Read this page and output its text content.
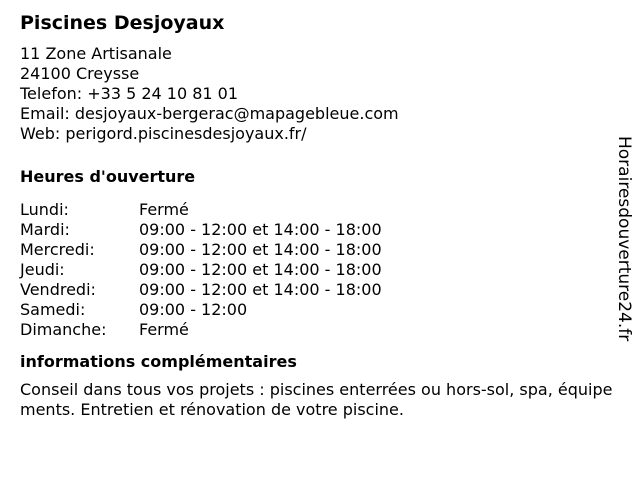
Piscines Desjoyaux
11 Zone Artisanale
24100 Creysse
Telefon: +33 5 24 10 81 01
Email: desjoyaux-bergerac@mapagebleue.com
Web: perigord.piscinesdesjoyaux.fr/
Heures d'ouverture
Lundi:	Fermé
Mardi:	09:00 - 12:00 et 14:00 - 18:00
Mercredi:	09:00 - 12:00 et 14:00 - 18:00
Jeudi:	09:00 - 12:00 et 14:00 - 18:00
Vendredi:	09:00 - 12:00 et 14:00 - 18:00
Samedi:	09:00 - 12:00
Dimanche:	Fermé
informations complémentaires
Conseil dans tous vos projets : piscines enterrées ou hors-sol, spa, équipements. Entretien et rénovation de votre piscine.
Horairesdouverture24.fr
